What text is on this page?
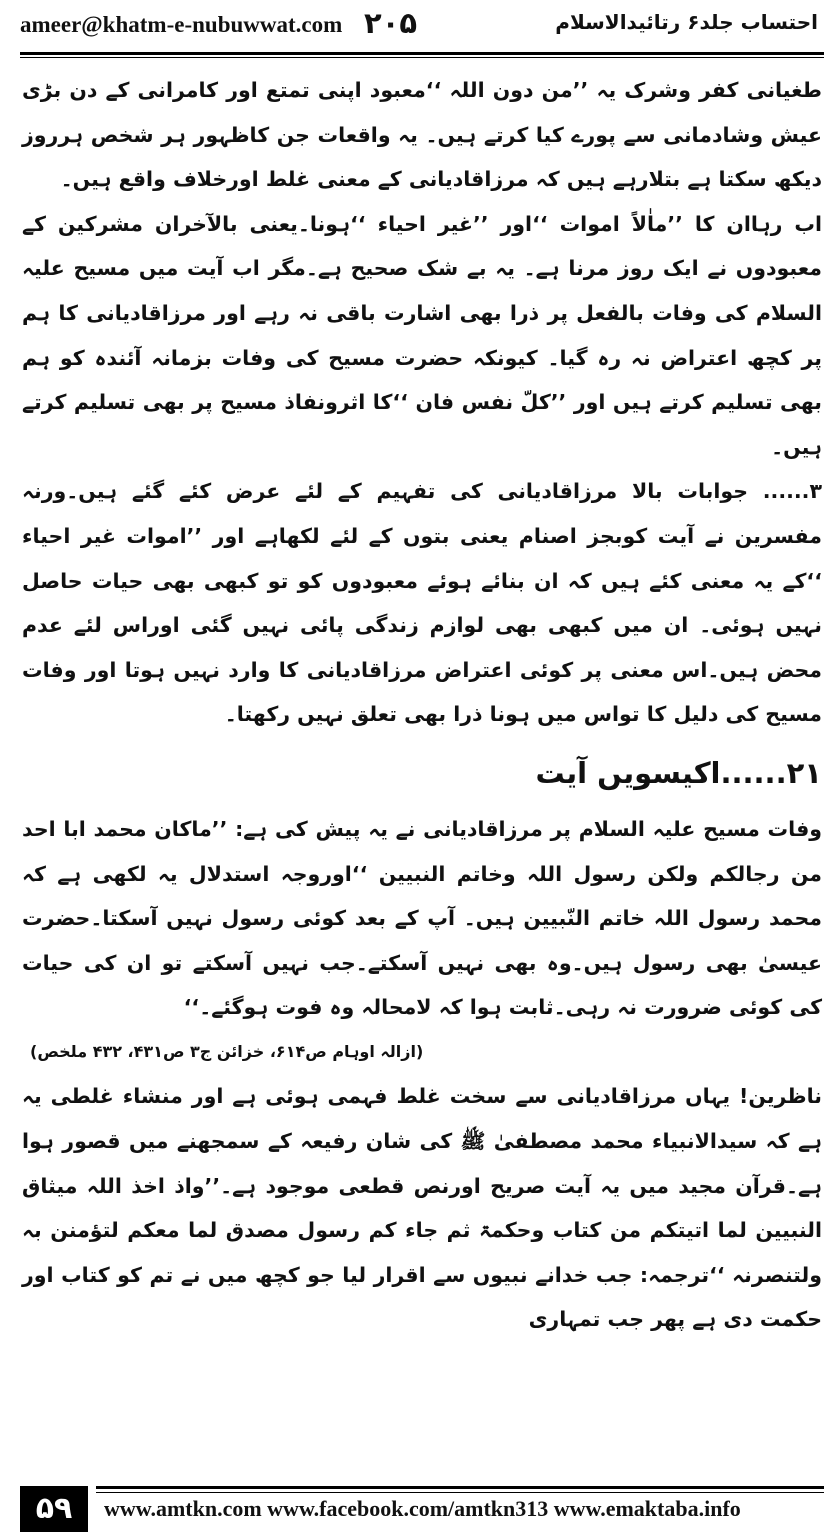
ameer@khatm-e-nubuwwat.com ۲۰۵	احتساب جلد۶ رتائیدالاسلام

طغیانی کفر وشرک یہ ’’من دون اللہ ‘‘معبود اپنی تمتع اور کامرانی کے دن بڑی عیش وشادمانی سے پورے کیا کرتے ہیں۔ یہ واقعات جن کاظہور ہر شخص ہرروز دیکھ سکتا ہے بتلارہے ہیں کہ مرزاقادیانی کے معنی غلط اورخلاف واقع ہیں۔

اب رہاان کا ’’ماٰلاً اموات ‘‘اور ’’غیر احیاء ‘‘ہونا۔یعنی بالآخران مشرکین کے معبودوں نے ایک روز مرنا ہے۔ یہ بے شک صحیح ہے۔مگر اب آیت میں مسیح علیہ السلام کی وفات بالفعل پر ذرا بھی اشارت باقی نہ رہے اور مرزاقادیانی کا ہم پر کچھ اعتراض نہ رہ گیا۔ کیونکہ حضرت مسیح کی وفات بزمانہ آئندہ کو ہم بھی تسلیم کرتے ہیں اور ’’کلّ نفس فان ‘‘کا اثرونفاذ مسیح پر بھی تسلیم کرتے ہیں۔

۳...... جوابات بالا مرزاقادیانی کی تفہیم کے لئے عرض کئے گئے ہیں۔ورنہ مفسرین نے آیت کوبجز اصنام یعنی بتوں کے لئے لکھاہے اور ’’اموات غیر احیاء ‘‘کے یہ معنی کئے ہیں کہ ان بنائے ہوئے معبودوں کو تو کبھی بھی حیات حاصل نہیں ہوئی۔ ان میں کبھی بھی لوازم زندگی پائی نہیں گئی اوراس لئے عدم محض ہیں۔اس معنی پر کوئی اعتراض مرزاقادیانی کا وارد نہیں ہوتا اور وفات مسیح کی دلیل کا تواس میں ہونا ذرا بھی تعلق نہیں رکھتا۔

۲۱......اکیسویں آیت

وفات مسیح علیہ السلام پر مرزاقادیانی نے یہ پیش کی ہے: ’’ماکان محمد ابا احد من رجالکم ولکن رسول اللہ وخاتم النبیین ‘‘اوروجہ استدلال یہ لکھی ہے کہ محمد رسول اللہ خاتم النّبیین ہیں۔ آپ کے بعد کوئی رسول نہیں آسکتا۔حضرت عیسیٰ بھی رسول ہیں۔وہ بھی نہیں آسکتے۔جب نہیں آسکتے تو ان کی حیات کی کوئی ضرورت نہ رہی۔ثابت ہوا کہ لامحالہ وہ فوت ہوگئے۔‘‘

(ازالہ اوہام ص۶۱۴، خزائن ج۳ ص۴۳۱، ۴۳۲ ملخص)

ناظرین! یہاں مرزاقادیانی سے سخت غلط فہمی ہوئی ہے اور منشاء غلطی یہ ہے کہ سیدالانبیاء محمد مصطفیٰ ﷺ کی شان رفیعہ کے سمجھنے میں قصور ہوا ہے۔قرآن مجید میں یہ آیت صریح اورنص قطعی موجود ہے۔’’واذ اخذ اللہ میثاق النبیین لما اتیتکم من کتاب وحکمۃ ثم جاء کم رسول مصدق لما معکم لتؤمنن بہ ولتنصرنہ ‘‘ترجمہ: جب خدانے نبیوں سے اقرار لیا جو کچھ میں نے تم کو کتاب اور حکمت دی ہے پھر جب تمہاری

۵۹	www.amtkn.com www.facebook.com/amtkn313 www.emaktaba.info
